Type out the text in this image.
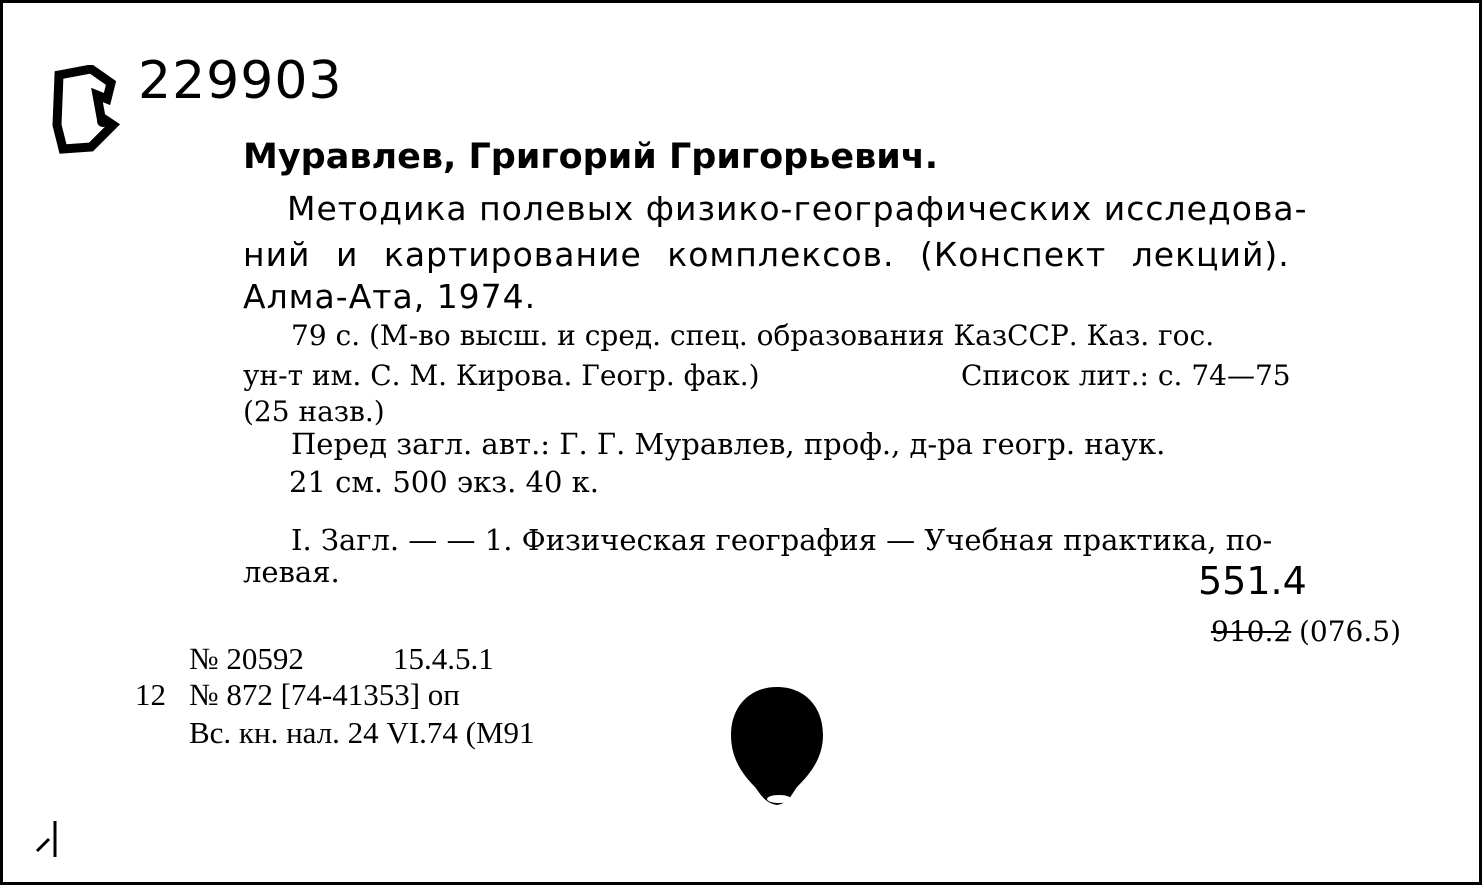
229903
Муравлев, Григорий Григорьевич.
Методика полевых физико-географических исследова-
ний и картирование комплексов. (Конспект лекций).
Алма-Ата, 1974.
79 с. (М-во высш. и сред. спец. образования КазССР. Каз. гос.
ун-т им. С. М. Кирова. Геогр. фак.)	Список лит.: с. 74—75
(25 назв.)
Перед загл. авт.: Г. Г. Муравлев, проф., д-ра геогр. наук.
21 см. 500 экз. 40 к.
I. Загл. — — 1. Физическая география — Учебная практика, по-
левая.	551.4
910.2 (076.5)
№ 20592	15.4.5.1
12 № 872 [74-41353] оп
Вс. кн. нал. 24 VI.74 (М91
